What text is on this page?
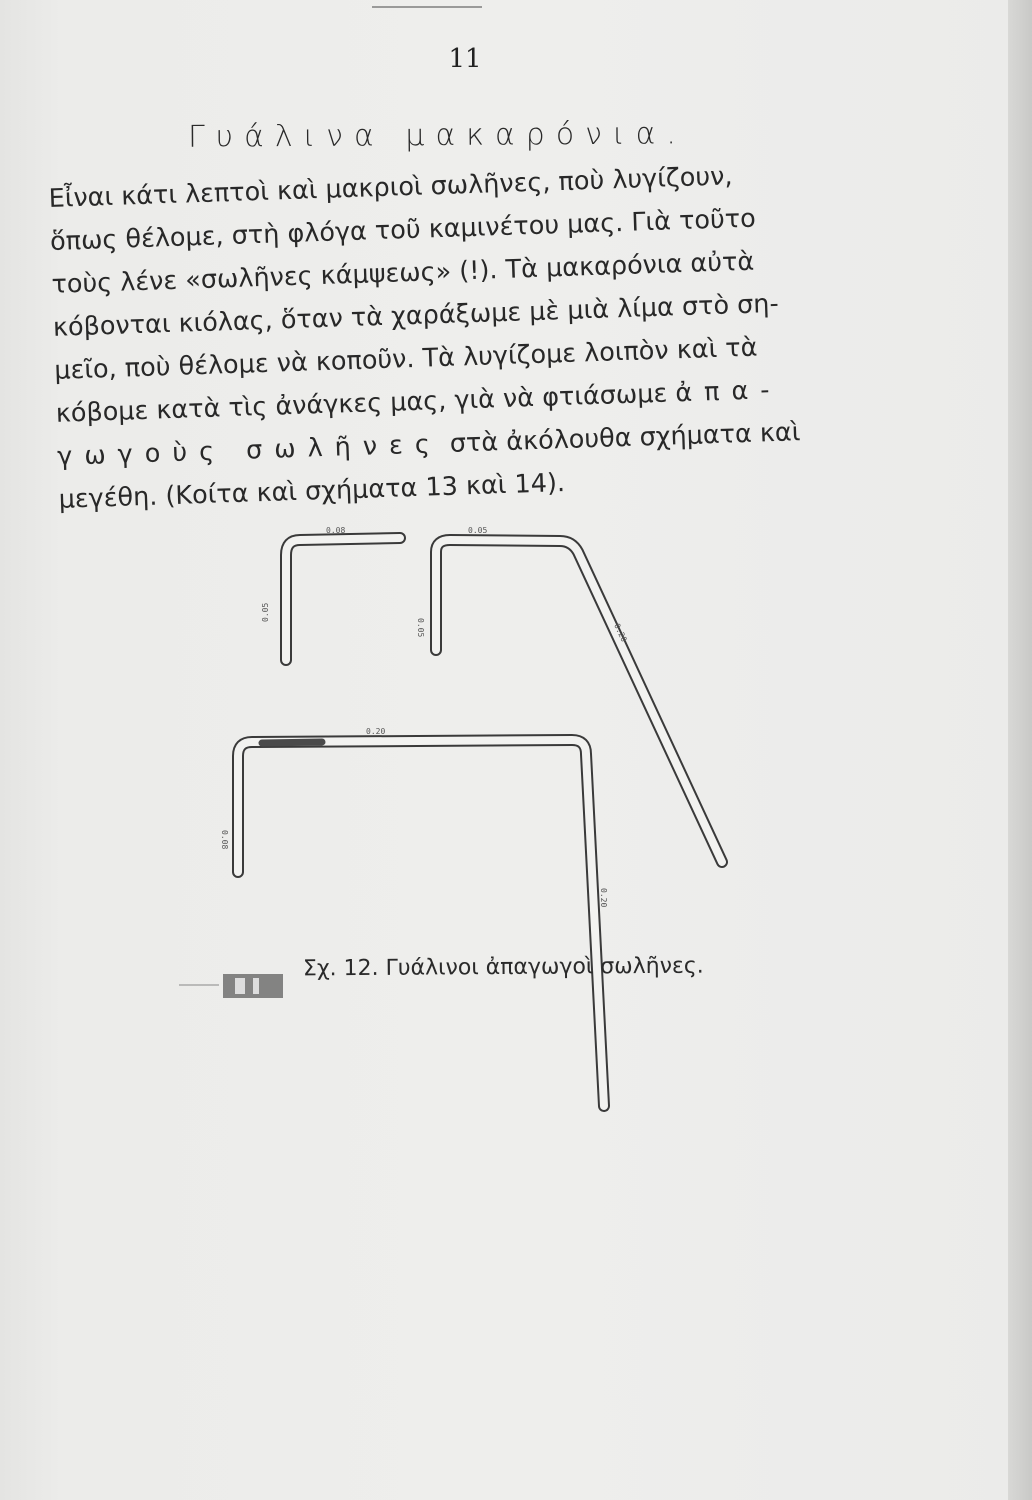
11
Γυάλινα μακαρόνια.
Εἶναι κάτι λεπτοὶ καὶ μακριοὶ σωλῆνες, ποὺ λυγίζουν,
ὅπως θέλομε, στὴ φλόγα τοῦ καμινέτου μας. Γιὰ τοῦτο
τοὺς λένε «σωλῆνες κάμψεως» (!). Τὰ μακαρόνια αὐτὰ
κόβονται κιόλας, ὅταν τὰ χαράξωμε μὲ μιὰ λίμα στὸ ση-
μεῖο, ποὺ θέλομε νὰ κοποῦν. Τὰ λυγίζομε λοιπὸν καὶ τὰ
κόβομε κατὰ τὶς ἀνάγκες μας, γιὰ νὰ φτιάσωμε ἀπα-
γωγοὺς σωλῆνες στὰ ἀκόλουθα σχήματα καὶ
μεγέθη. (Κοίτα καὶ σχήματα 13 καὶ 14).
0.08
0.05
0.05
0.05	0.20
0.20
0.08
0.20
Σχ. 12. Γυάλινοι ἀπαγωγοὶ σωλῆνες.
